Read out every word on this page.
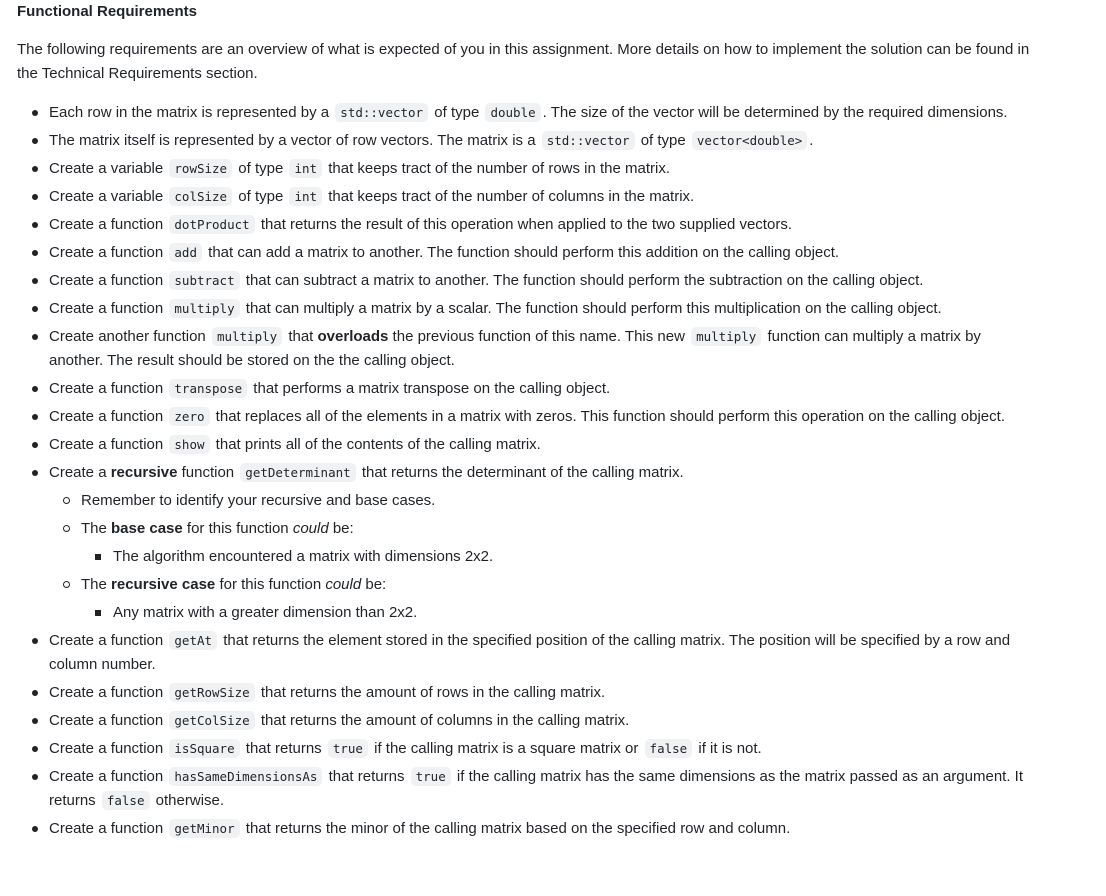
Functional Requirements

The following requirements are an overview of what is expected of you in this assignment. More details on how to implement the solution can be found in the Technical Requirements section.

Each row in the matrix is represented by a std::vector of type double . The size of the vector will be determined by the required dimensions.
The matrix itself is represented by a vector of row vectors. The matrix is a std::vector of type vector<double> .
Create a variable rowSize of type int that keeps tract of the number of rows in the matrix.
Create a variable colSize of type int that keeps tract of the number of columns in the matrix.
Create a function dotProduct that returns the result of this operation when applied to the two supplied vectors.
Create a function add that can add a matrix to another. The function should perform this addition on the calling object.
Create a function subtract that can subtract a matrix to another. The function should perform the subtraction on the calling object.
Create a function multiply that can multiply a matrix by a scalar. The function should perform this multiplication on the calling object.
Create another function multiply that overloads the previous function of this name. This new multiply function can multiply a matrix by another. The result should be stored on the the calling object.
Create a function transpose that performs a matrix transpose on the calling object.
Create a function zero that replaces all of the elements in a matrix with zeros. This function should perform this operation on the calling object.
Create a function show that prints all of the contents of the calling matrix.
Create a recursive function getDeterminant that returns the determinant of the calling matrix.
Remember to identify your recursive and base cases.
The base case for this function could be:
The algorithm encountered a matrix with dimensions 2x2.
The recursive case for this function could be:
Any matrix with a greater dimension than 2x2.
Create a function getAt that returns the element stored in the specified position of the calling matrix. The position will be specified by a row and column number.
Create a function getRowSize that returns the amount of rows in the calling matrix.
Create a function getColSize that returns the amount of columns in the calling matrix.
Create a function isSquare that returns true if the calling matrix is a square matrix or false if it is not.
Create a function hasSameDimensionsAs that returns true if the calling matrix has the same dimensions as the matrix passed as an argument. It returns false otherwise.
Create a function getMinor that returns the minor of the calling matrix based on the specified row and column.
